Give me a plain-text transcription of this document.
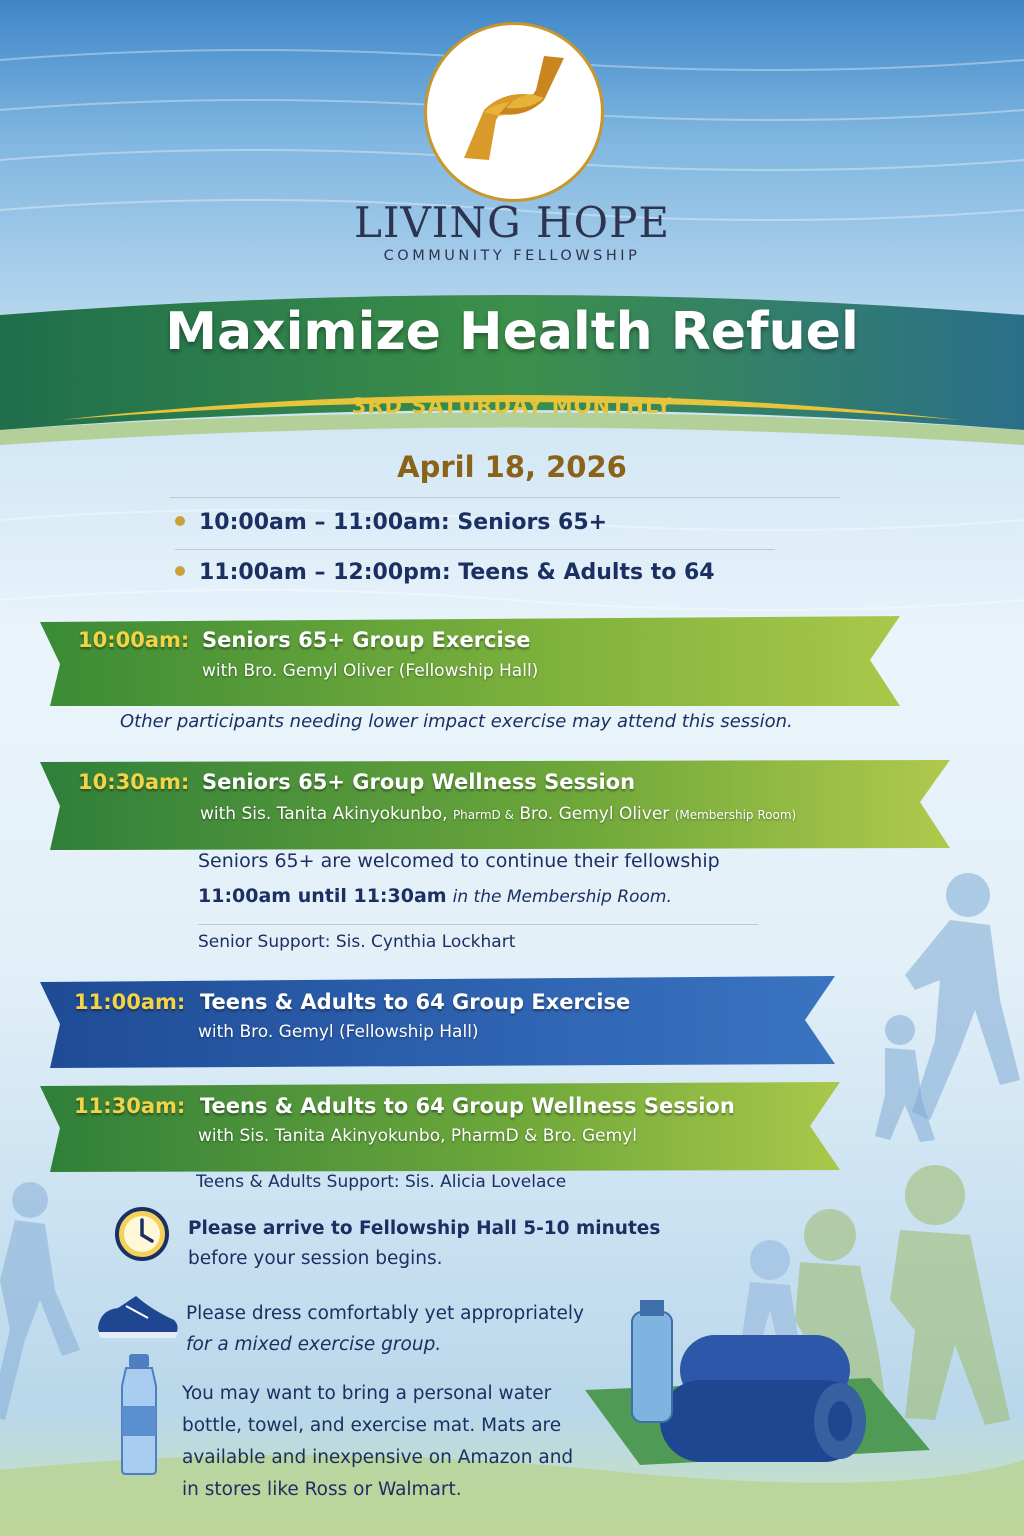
LIVING HOPE
COMMUNITY FELLOWSHIP
Maximize Health Refuel
3RD SATURDAY MONTHLY
April 18, 2026
10:00am – 11:00am: Seniors 65+
11:00am – 12:00pm: Teens & Adults to 64
10:00am: Seniors 65+ Group Exercise
with Bro. Gemyl Oliver (Fellowship Hall)
Other participants needing lower impact exercise may attend this session.
10:30am: Seniors 65+ Group Wellness Session
with Sis. Tanita Akinyokunbo, PharmD & Bro. Gemyl Oliver (Membership Room)
Seniors 65+ are welcomed to continue their fellowship
11:00am until 11:30am in the Membership Room.
Senior Support: Sis. Cynthia Lockhart
11:00am: Teens & Adults to 64 Group Exercise
with Bro. Gemyl (Fellowship Hall)
11:30am: Teens & Adults to 64 Group Wellness Session
with Sis. Tanita Akinyokunbo, PharmD & Bro. Gemyl
Teens & Adults Support: Sis. Alicia Lovelace
Please arrive to Fellowship Hall 5-10 minutes
before your session begins.
Please dress comfortably yet appropriately
for a mixed exercise group.
You may want to bring a personal water
bottle, towel, and exercise mat. Mats are
available and inexpensive on Amazon and
in stores like Ross or Walmart.
